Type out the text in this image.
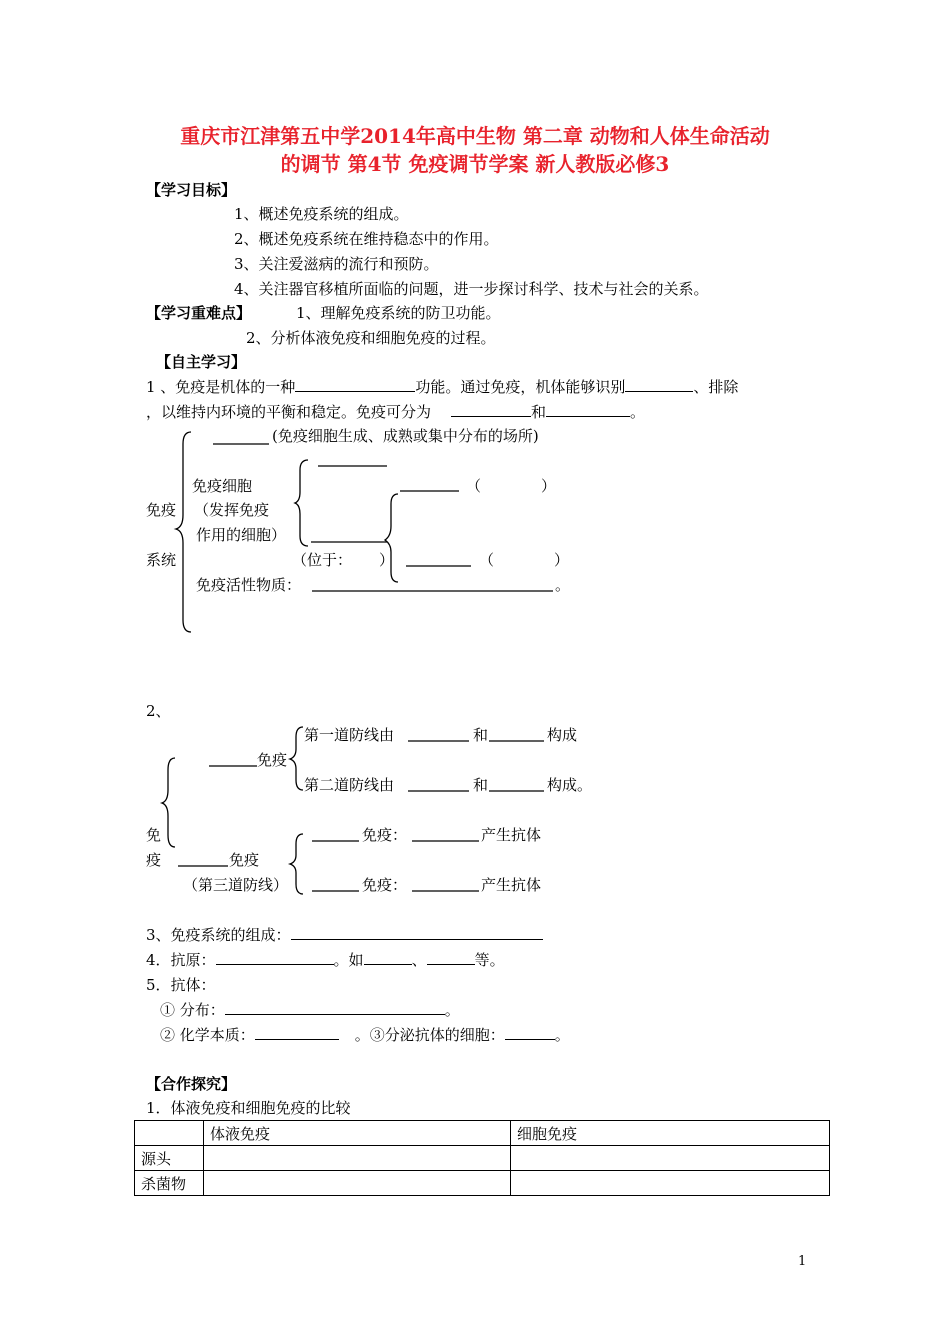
重庆市江津第五中学2014年高中生物 第二章 动物和人体生命活动
的调节 第4节 免疫调节学案 新人教版必修3
【学习目标】
1、概述免疫系统的组成。
2、概述免疫系统在维持稳态中的作用。
3、关注爱滋病的流行和预防。
4、关注器官移植所面临的问题，进一步探讨科学、技术与社会的关系。
【学习重难点】	1、理解免疫系统的防卫功能。
2、分析体液免疫和细胞免疫的过程。
【自主学习】
1 、免疫是机体的一种	功能。通过免疫，机体能够识别	、排除
，以维持内环境的平衡和稳定。免疫可分为	和	。
(免疫细胞生成、成熟或集中分布的场所)
免疫细胞
（发挥免疫
作用的细胞）
免疫
系统
（	）
（位于： ）	（	）
免疫活性物质：	。
2、
免疫
第一道防线由	和	构成
第二道防线由	和	构成。
免
疫	免疫
（第三道防线）
免疫：	产生抗体
免疫：	产生抗体
3、免疫系统的组成：
4．抗原：	。如	、	等。
5．抗体：
① 分布：	。
② 化学本质：	。③分泌抗体的细胞：	。
【合作探究】
1．体液免疫和细胞免疫的比较
	体液免疫	细胞免疫
源头		
杀菌物		
1
